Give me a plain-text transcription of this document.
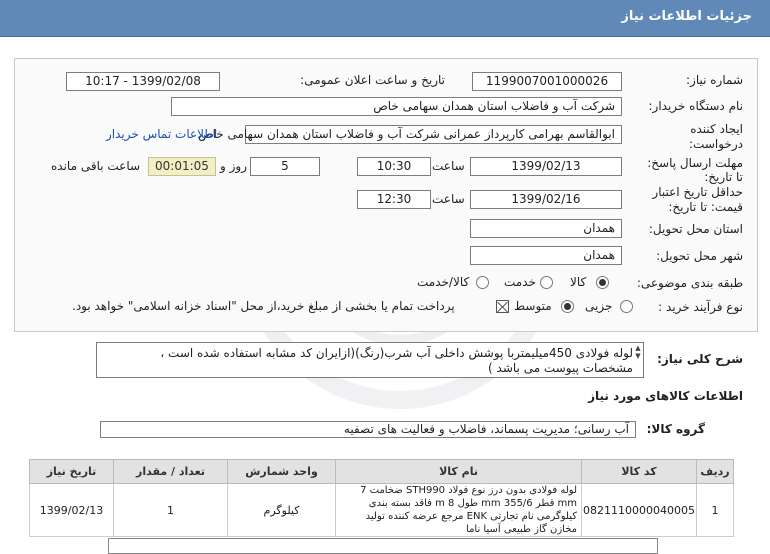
جزئیات اطلاعات نیاز
شماره نیاز:
1199007001000026
تاریخ و ساعت اعلان عمومی:
1399/02/08 - 10:17
نام دستگاه خریدار:
شرکت آب و فاضلاب استان همدان سهامی خاص
ایجاد کننده
درخواست:
ابوالقاسم بهرامی کارپرداز عمرانی شرکت آب و فاضلاب استان همدان سهامی خاص
اطلاعات تماس خریدار
مهلت ارسال پاسخ:
تا تاریخ:
1399/02/13
ساعت
10:30
5
روز و
00:01:05
ساعت باقی مانده
حداقل تاریخ اعتبار
قیمت: تا تاریخ:
1399/02/16
ساعت
12:30
استان محل تحویل:
همدان
شهر محل تحویل:
همدان
طبقه بندی موضوعی:
کالا
خدمت
کالا/خدمت
نوع فرآیند خرید :
جزیی
متوسط
پرداخت تمام یا بخشی از مبلغ خرید،از محل "اسناد خزانه اسلامی" خواهد بود.
شرح کلی نیاز:
لوله فولادی 450میلیمتربا پوشش داخلی آب شرب(رنگ)(ازایران کد مشابه استفاده شده است ، مشخصات پیوست می باشد )
▲
▼
اطلاعات کالاهای مورد نیاز
گروه کالا:
آب رسانی؛ مدیریت پسماند، فاضلاب و فعالیت های تصفیه
ردیف	کد کالا	نام کالا	واحد شمارش	تعداد / مقدار	تاریخ نیاز
1	0821110000040005	لوله فولادی بدون درز نوع فولاد STH990 ضخامت 7 mm قطر 355/6 mm طول 8 m فاقد بسته بندی کیلوگرمی نام تجارتی ENK مرجع عرضه کننده تولید مخازن گاز طبیعی آسیا ناما	کیلوگرم	1	1399/02/13
